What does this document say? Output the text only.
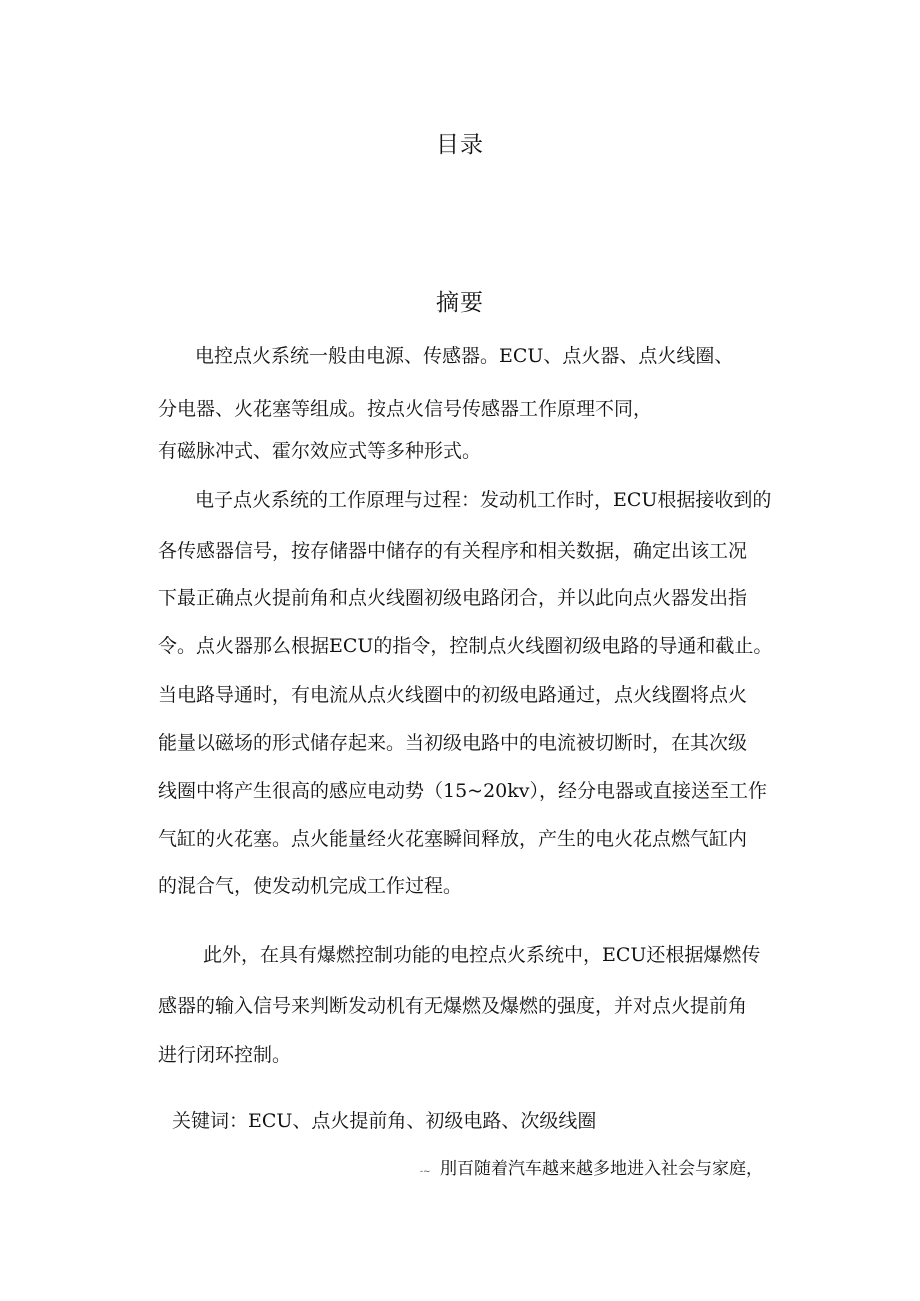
目录
摘要
电控点火系统一般由电源、传感器。ECU、点火器、点火线圈、
分电器、火花塞等组成。按点火信号传感器工作原理不同，
有磁脉冲式、霍尔效应式等多种形式。
电子点火系统的工作原理与过程：发动机工作时，ECU根据接收到的
各传感器信号，按存储器中储存的有关程序和相关数据，确定出该工况
下最正确点火提前角和点火线圈初级电路闭合，并以此向点火器发出指
令。点火器那么根据ECU的指令，控制点火线圈初级电路的导通和截止。
当电路导通时，有电流从点火线圈中的初级电路通过，点火线圈将点火
能量以磁场的形式储存起来。当初级电路中的电流被切断时，在其次级
线圈中将产生很高的感应电动势（15~20kv），经分电器或直接送至工作
气缸的火花塞。点火能量经火花塞瞬间释放，产生的电火花点燃气缸内
的混合气，使发动机完成工作过程。
此外，在具有爆燃控制功能的电控点火系统中，ECU还根据爆燃传
感器的输入信号来判断发动机有无爆燃及爆燃的强度，并对点火提前角
进行闭环控制。
关键词：ECU、点火提前角、初级电路、次级线圈
-~ 刖百随着汽车越来越多地进入社会与家庭，
